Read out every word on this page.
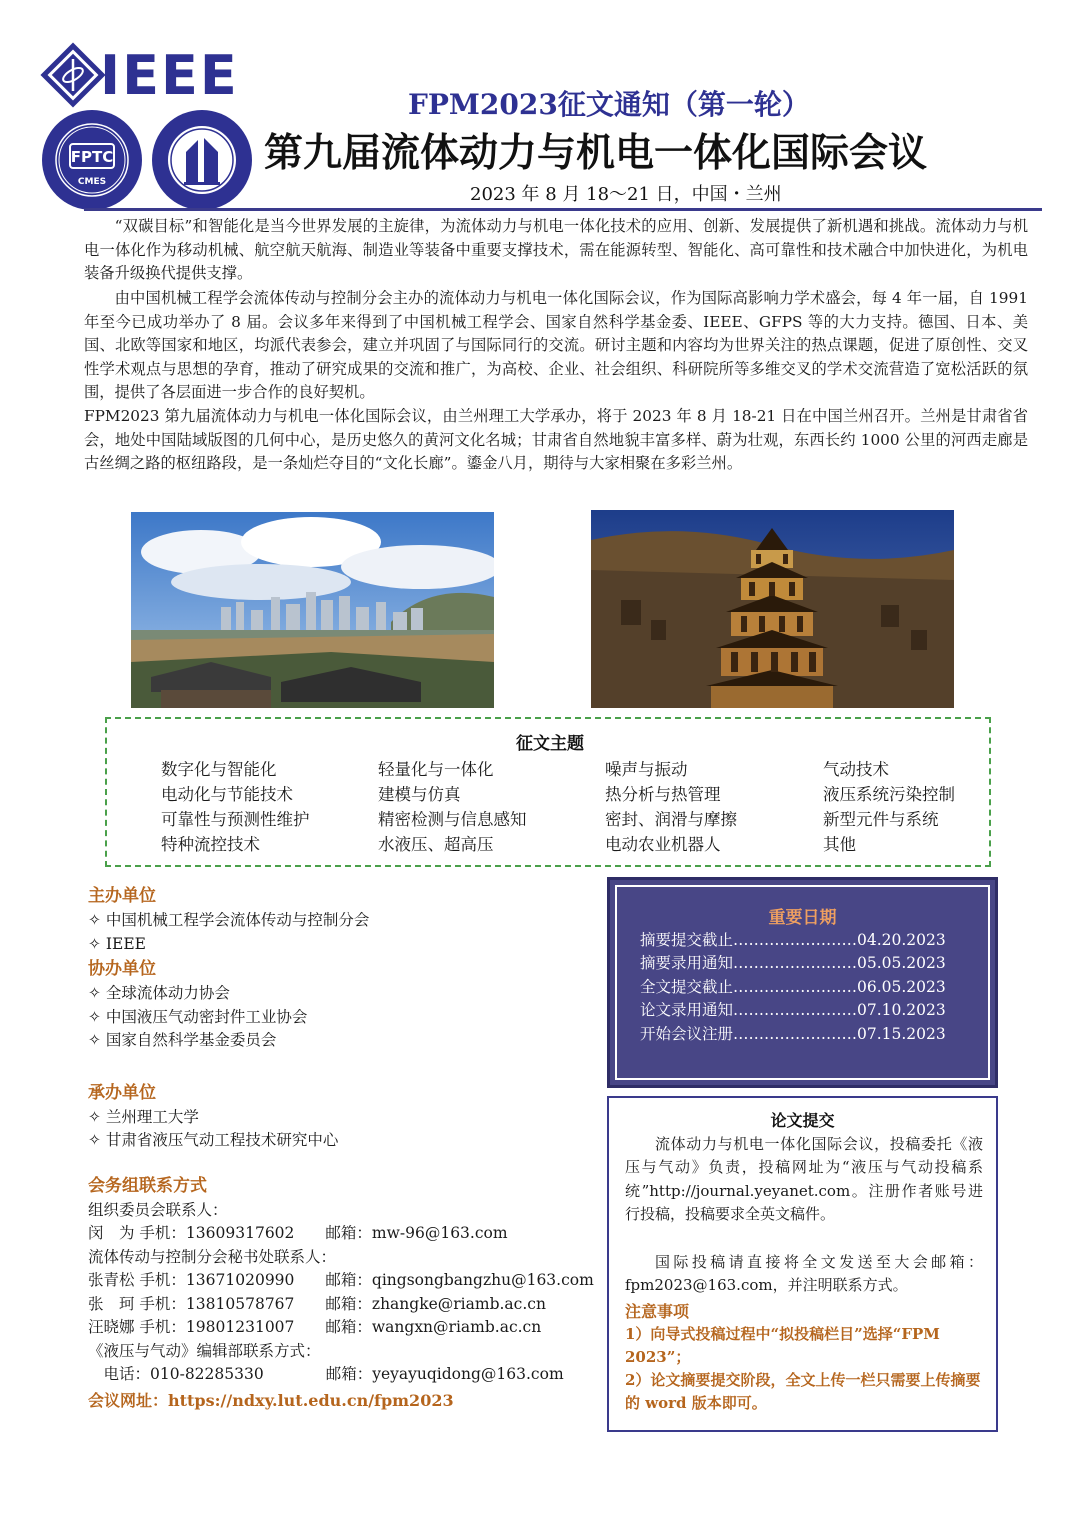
IEEE
FPTC
CMES
FPM2023征文通知（第一轮）
第九届流体动力与机电一体化国际会议
2023 年 8 月 18～21 日，中国・兰州
“双碳目标”和智能化是当今世界发展的主旋律，为流体动力与机电一体化技术的应用、创新、发展提供了新机遇和挑战。流体动力与机电一体化作为移动机械、航空航天航海、制造业等装备中重要支撑技术，需在能源转型、智能化、高可靠性和技术融合中加快进化，为机电装备升级换代提供支撑。
由中国机械工程学会流体传动与控制分会主办的流体动力与机电一体化国际会议，作为国际高影响力学术盛会，每 4 年一届，自 1991 年至今已成功举办了 8 届。会议多年来得到了中国机械工程学会、国家自然科学基金委、IEEE、GFPS 等的大力支持。德国、日本、美国、北欧等国家和地区，均派代表参会，建立并巩固了与国际同行的交流。研讨主题和内容均为世界关注的热点课题，促进了原创性、交叉性学术观点与思想的孕育，推动了研究成果的交流和推广，为高校、企业、社会组织、科研院所等多维交叉的学术交流营造了宽松活跃的氛围，提供了各层面进一步合作的良好契机。
FPM2023 第九届流体动力与机电一体化国际会议，由兰州理工大学承办，将于 2023 年 8 月 18-21 日在中国兰州召开。兰州是甘肃省省会，地处中国陆域版图的几何中心，是历史悠久的黄河文化名城；甘肃省自然地貌丰富多样、蔚为壮观，东西长约 1000 公里的河西走廊是古丝绸之路的枢纽路段，是一条灿烂夺目的“文化长廊”。鎏金八月，期待与大家相聚在多彩兰州。
征文主题
数字化与智能化	轻量化与一体化	噪声与振动	气动技术
电动化与节能技术	建模与仿真	热分析与热管理	液压系统污染控制
可靠性与预测性维护	精密检测与信息感知	密封、润滑与摩擦	新型元件与系统
特种流控技术	水液压、超高压	电动农业机器人	其他
主办单位
✧ 中国机械工程学会流体传动与控制分会
✧ IEEE
协办单位
✧ 全球流体动力协会
✧ 中国液压气动密封件工业协会
✧ 国家自然科学基金委员会
承办单位
✧ 兰州理工大学
✧ 甘肃省液压气动工程技术研究中心
会务组联系方式
组织委员会联系人：
闵　为 手机：13609317602　　邮箱：mw-96@163.com
流体传动与控制分会秘书处联系人：
张青松 手机：13671020990　　邮箱：qingsongbangzhu@163.com
张　珂 手机：13810578767　　邮箱：zhangke@riamb.ac.cn
汪晓娜 手机：19801231007　　邮箱：wangxn@riamb.ac.cn
《液压与气动》编辑部联系方式：
　电话：010-82285330　　　　邮箱：yeyayuqidong@163.com
会议网址：https://ndxy.lut.edu.cn/fpm2023
重要日期
摘要提交截止……………………04.20.2023
摘要录用通知……………………05.05.2023
全文提交截止……………………06.05.2023
论文录用通知……………………07.10.2023
开始会议注册……………………07.15.2023
论文提交
流体动力与机电一体化国际会议，投稿委托《液压与气动》负责，投稿网址为“液压与气动投稿系统”http://journal.yeyanet.com。注册作者账号进行投稿，投稿要求全英文稿件。
国际投稿请直接将全文发送至大会邮箱：fpm2023@163.com，并注明联系方式。
注意事项
1）向导式投稿过程中“拟投稿栏目”选择“FPM 2023”；
2）论文摘要提交阶段，全文上传一栏只需要上传摘要的 word 版本即可。
